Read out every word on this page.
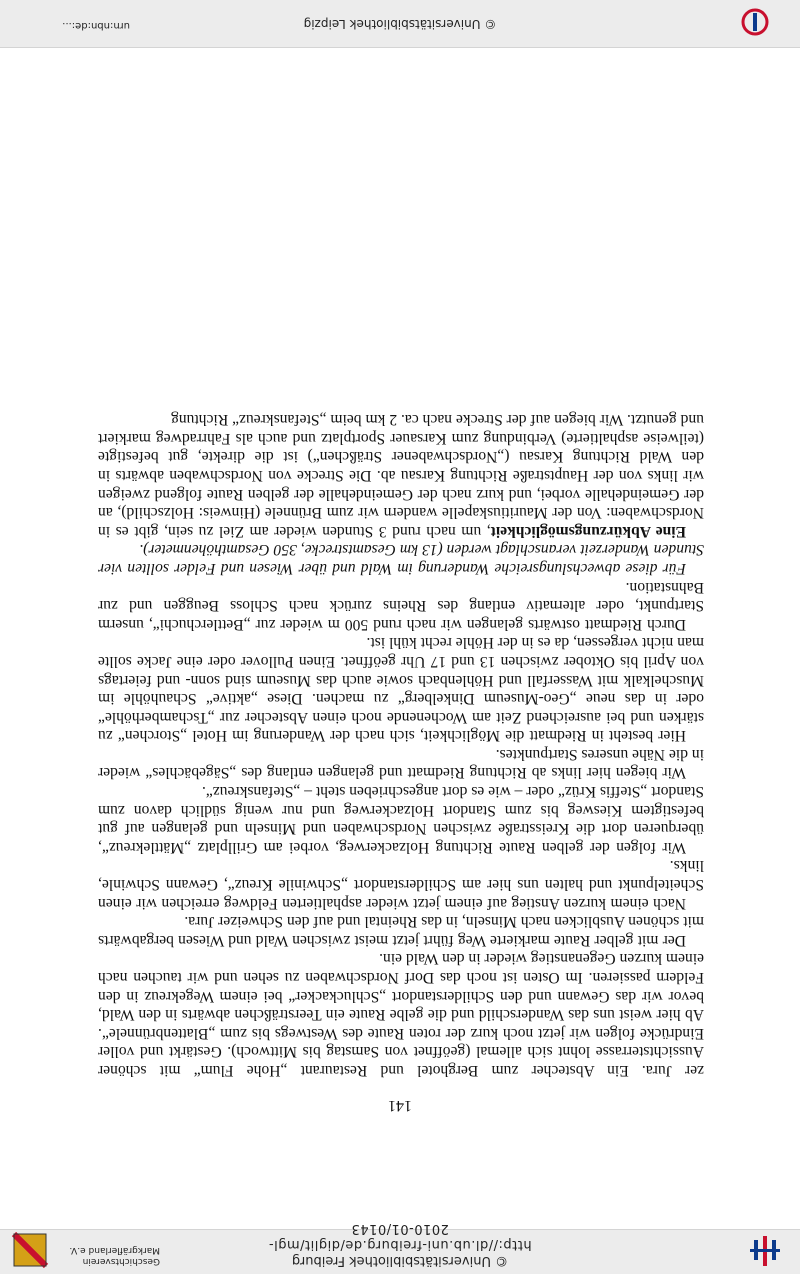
© Universitätsbibliothek Freiburg
http://dl.ub.uni-freiburg.de/diglit/mgl-2010-01/0143
Geschichtsverein
Markgräflerland e.V.
141

zer Jura. Ein Abstecher zum Berghotel und Restaurant „Hohe Flum“ mit schöner Aussichtsterrasse lohnt sich allemal (geöffnet von Samstag bis Mittwoch). Gestärkt und voller Eindrücke folgen wir jetzt noch kurz der roten Raute des Westwegs bis zum „Blattenbrünnele“. Ab hier weist uns das Wanderschild und die gelbe Raute ein Teersträßchen abwärts in den Wald, bevor wir das Gewann und den Schilderstandort „Schluckacker“ bei einem Wegekreuz in den Feldern passieren. Im Osten ist noch das Dorf Nordschwaben zu sehen und wir tauchen nach einem kurzen Gegenanstieg wieder in den Wald ein.

Der mit gelber Raute markierte Weg führt jetzt meist zwischen Wald und Wiesen bergabwärts mit schönen Ausblicken nach Minseln, in das Rheintal und auf den Schweizer Jura.

Nach einem kurzen Anstieg auf einem jetzt wieder asphaltierten Feldweg erreichen wir einen Scheitelpunkt und halten uns hier am Schilderstandort „Schwinile Kreuz“, Gewann Schwinle, links.

Wir folgen der gelben Raute Richtung Holzackerweg, vorbei am Grillplatz „Mättlekreuz“, überqueren dort die Kreisstraße zwischen Nordschwaben und Minseln und gelangen auf gut befestigtem Kiesweg bis zum Standort Holzackerweg und nur wenig südlich davon zum Standort „Steffis Krüz“ oder – wie es dort angeschrieben steht – „Stefanskreuz“.

Wir biegen hier links ab Richtung Riedmatt und gelangen entlang des „Sägebächles“ wieder in die Nähe unseres Startpunktes.

Hier besteht in Riedmatt die Möglichkeit, sich nach der Wanderung im Hotel „Storchen“ zu stärken und bei ausreichend Zeit am Wochenende noch einen Abstecher zur „Tschamberhöhle“ oder in das neue „Geo-Museum Dinkelberg“ zu machen. Diese „aktive“ Schauhöhle im Muschelkalk mit Wasserfall und Höhlenbach sowie auch das Museum sind sonn- und feiertags von April bis Oktober zwischen 13 und 17 Uhr geöffnet. Einen Pullover oder eine Jacke sollte man nicht vergessen, da es in der Höhle recht kühl ist.

Durch Riedmatt ostwärts gelangen wir nach rund 500 m wieder zur „Bettlerchuchi“, unserm Startpunkt, oder alternativ entlang des Rheins zurück nach Schloss Beuggen und zur Bahnstation.

Für diese abwechslungsreiche Wanderung im Wald und über Wiesen und Felder sollten vier Stunden Wanderzeit veranschlagt werden (13 km Gesamtstrecke, 350 Gesamthöhenmeter).

Eine Abkürzungsmöglichkeit, um nach rund 3 Stunden wieder am Ziel zu sein, gibt es in Nordschwaben: Von der Mauritiuskapelle wandern wir zum Brünnele (Hinweis: Holzschild), an der Gemeindehalle vorbei, und kurz nach der Gemeindehalle der gelben Raute folgend zweigen wir links von der Hauptstraße Richtung Karsau ab. Die Strecke von Nordschwaben abwärts in den Wald Richtung Karsau („Nordschwabener Sträßchen“) ist die direkte, gut befestigte (teilweise asphaltierte) Verbindung zum Karsauer Sportplatz und auch als Fahrradweg markiert und genutzt. Wir biegen auf der Strecke nach ca. 2 km beim „Stefanskreuz“ Richtung

© Universitätsbibliothek Leipzig
urn:nbn:de:...
